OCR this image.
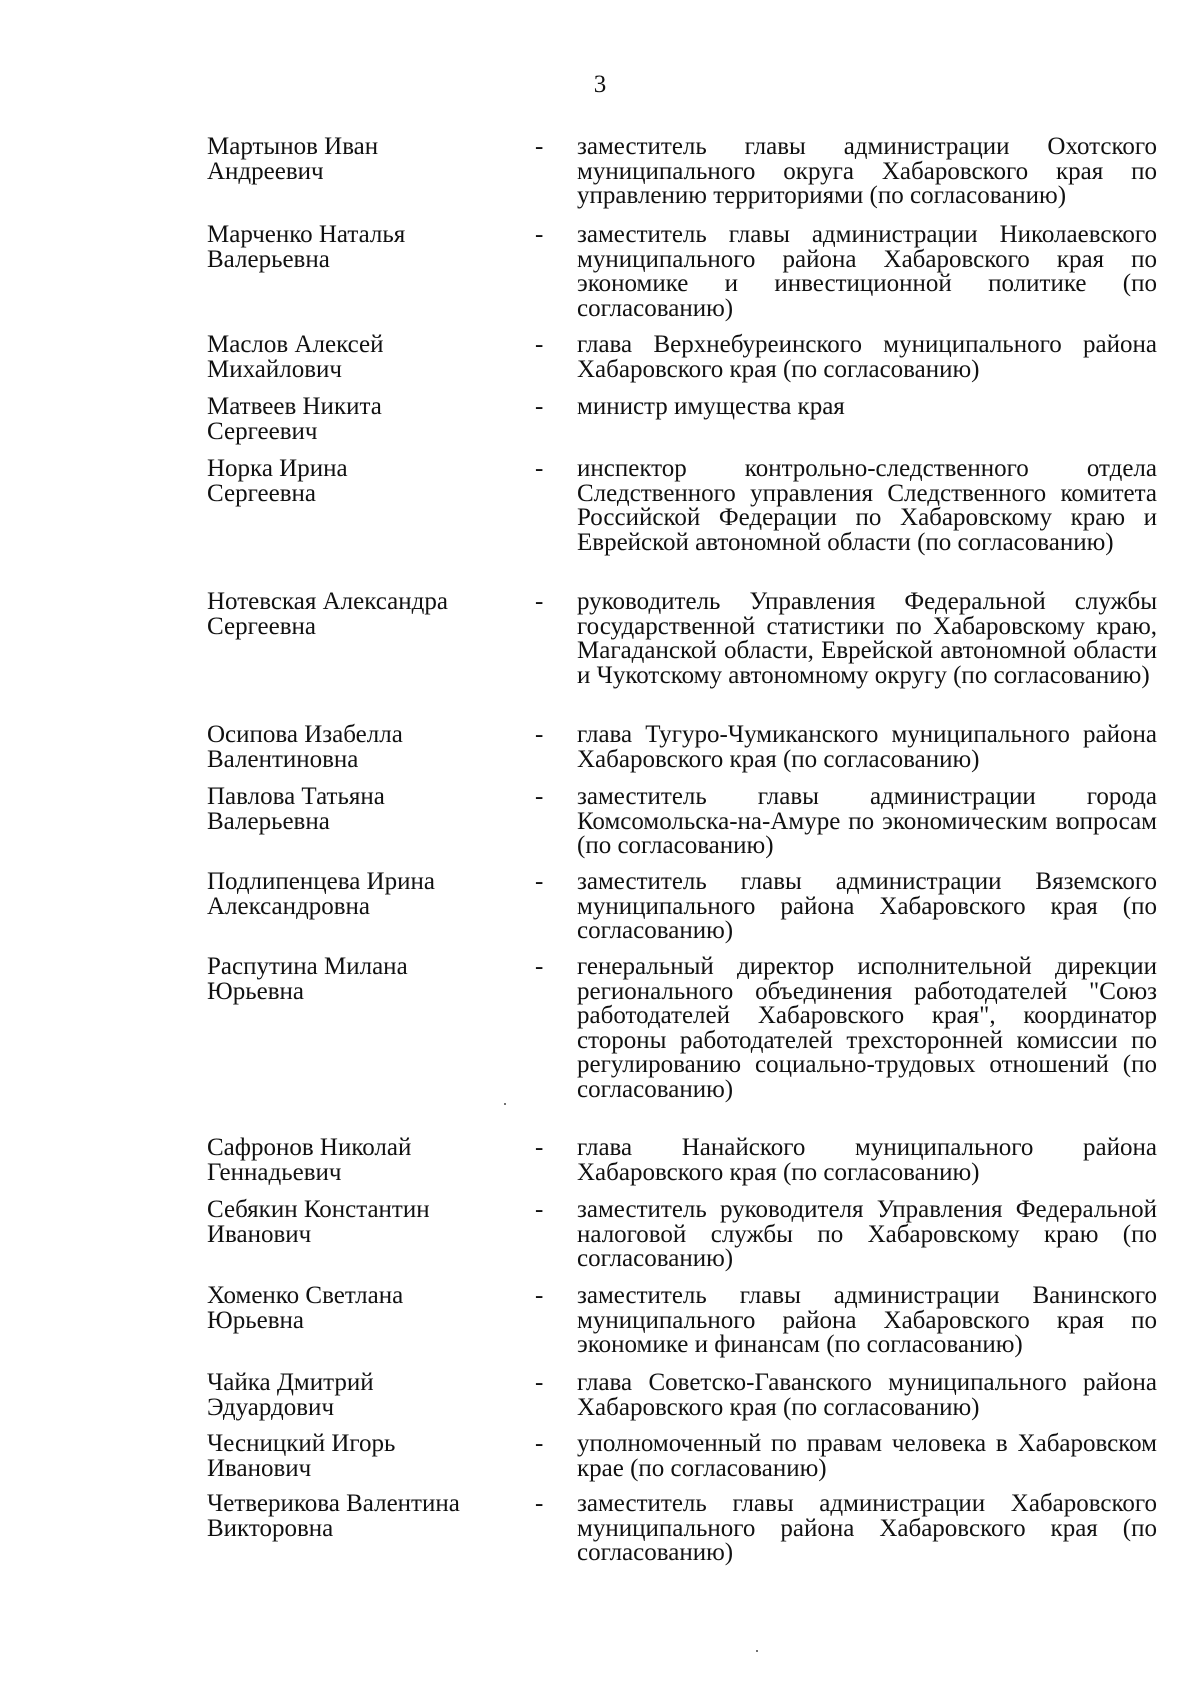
3
Мартынов Иван
Андреевич
- заместитель главы администрации Охотского муниципального округа Хабаровского края по управлению территориями (по согласованию)
Марченко Наталья
Валерьевна
- заместитель главы администрации Николаевского муниципального района Хабаровского края по экономике и инвестиционной политике (по согласованию)
Маслов Алексей
Михайлович
- глава Верхнебуреинского муниципального района Хабаровского края (по согласованию)
Матвеев Никита
Сергеевич
- министр имущества края
Норка Ирина
Сергеевна
- инспектор контрольно-следственного отдела Следственного управления Следственного комитета Российской Федерации по Хабаровскому краю и Еврейской автономной области (по согласованию)
Нотевская Александра
Сергеевна
- руководитель Управления Федеральной службы государственной статистики по Хабаровскому краю, Магаданской области, Еврейской автономной области и Чукотскому автономному округу (по согласованию)
Осипова Изабелла
Валентиновна
- глава Тугуро-Чумиканского муниципального района Хабаровского края (по согласованию)
Павлова Татьяна
Валерьевна
- заместитель главы администрации города Комсомольска-на-Амуре по экономическим вопросам (по согласованию)
Подлипенцева Ирина
Александровна
- заместитель главы администрации Вяземского муниципального района Хабаровского края (по согласованию)
Распутина Милана
Юрьевна
- генеральный директор исполнительной дирекции регионального объединения работодателей "Союз работодателей Хабаровского края", координатор стороны работодателей трехсторонней комиссии по регулированию социально-трудовых отношений (по согласованию)
Сафронов Николай
Геннадьевич
- глава Нанайского муниципального района Хабаровского края (по согласованию)
Себякин Константин
Иванович
- заместитель руководителя Управления Федеральной налоговой службы по Хабаровскому краю (по согласованию)
Хоменко Светлана
Юрьевна
- заместитель главы администрации Ванинского муниципального района Хабаровского края по экономике и финансам (по согласованию)
Чайка Дмитрий
Эдуардович
- глава Советско-Гаванского муниципального района Хабаровского края (по согласованию)
Чесницкий Игорь
Иванович
- уполномоченный по правам человека в Хабаровском крае (по согласованию)
Четверикова Валентина
Викторовна
- заместитель главы администрации Хабаровского муниципального района Хабаровского края (по согласованию)
